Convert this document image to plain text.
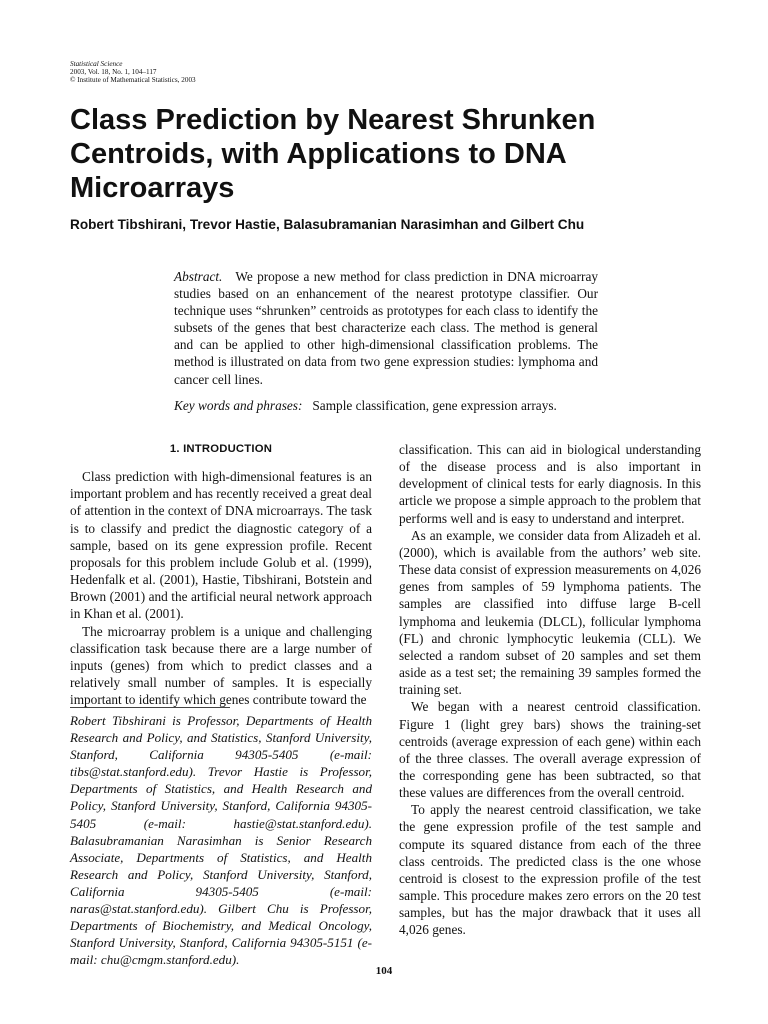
Statistical Science

2003, Vol. 18, No. 1, 104–117

© Institute of Mathematical Statistics, 2003

Class Prediction by Nearest Shrunken Centroids, with Applications to DNA Microarrays

Robert Tibshirani, Trevor Hastie, Balasubramanian Narasimhan and Gilbert Chu

Abstract. We propose a new method for class prediction in DNA microarray studies based on an enhancement of the nearest prototype classifier. Our technique uses “shrunken” centroids as prototypes for each class to identify the subsets of the genes that best characterize each class. The method is general and can be applied to other high-dimensional classification problems. The method is illustrated on data from two gene expression studies: lymphoma and cancer cell lines.

Key words and phrases: Sample classification, gene expression arrays.

1. INTRODUCTION

Class prediction with high-dimensional features is an important problem and has recently received a great deal of attention in the context of DNA microarrays. The task is to classify and predict the diagnostic category of a sample, based on its gene expression profile. Recent proposals for this problem include Golub et al. (1999), Hedenfalk et al. (2001), Hastie, Tibshirani, Botstein and Brown (2001) and the artificial neural network approach in Khan et al. (2001).

The microarray problem is a unique and challenging classification task because there are a large number of inputs (genes) from which to predict classes and a relatively small number of samples. It is especially important to identify which genes contribute toward the

classification. This can aid in biological understanding of the disease process and is also important in development of clinical tests for early diagnosis. In this article we propose a simple approach to the problem that performs well and is easy to understand and interpret.

As an example, we consider data from Alizadeh et al. (2000), which is available from the authors’ web site. These data consist of expression measurements on 4,026 genes from samples of 59 lymphoma patients. The samples are classified into diffuse large B-cell lymphoma and leukemia (DLCL), follicular lymphoma (FL) and chronic lymphocytic leukemia (CLL). We selected a random subset of 20 samples and set them aside as a test set; the remaining 39 samples formed the training set.

We began with a nearest centroid classification. Figure 1 (light grey bars) shows the training-set centroids (average expression of each gene) within each of the three classes. The overall average expression of the corresponding gene has been subtracted, so that these values are differences from the overall centroid.

To apply the nearest centroid classification, we take the gene expression profile of the test sample and compute its squared distance from each of the three class centroids. The predicted class is the one whose centroid is closest to the expression profile of the test sample. This procedure makes zero errors on the 20 test samples, but has the major drawback that it uses all 4,026 genes.

Robert Tibshirani is Professor, Departments of Health Research and Policy, and Statistics, Stanford University, Stanford, California 94305-5405 (e-mail: tibs@stat.stanford.edu). Trevor Hastie is Professor, Departments of Statistics, and Health Research and Policy, Stanford University, Stanford, California 94305-5405 (e-mail: hastie@stat.stanford.edu). Balasubramanian Narasimhan is Senior Research Associate, Departments of Statistics, and Health Research and Policy, Stanford University, Stanford, California 94305-5405 (e-mail: naras@stat.stanford.edu). Gilbert Chu is Professor, Departments of Biochemistry, and Medical Oncology, Stanford University, Stanford, California 94305-5151 (e-mail: chu@cmgm.stanford.edu).

104
